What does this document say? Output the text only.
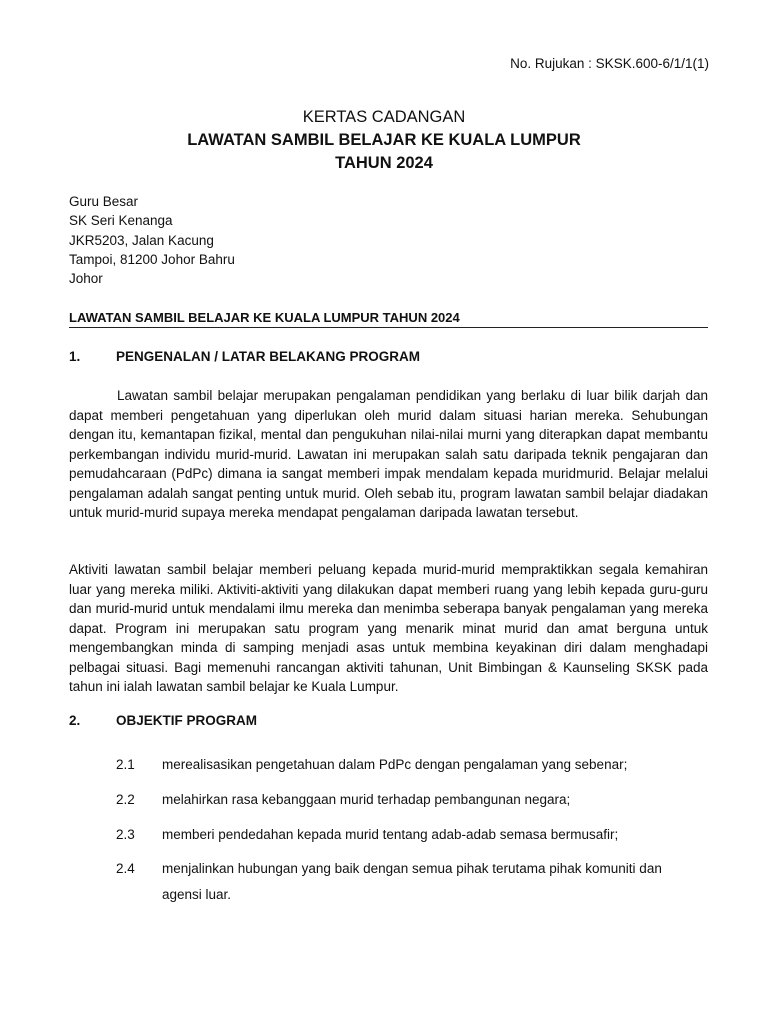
No. Rujukan : SKSK.600-6/1/1(1)
KERTAS CADANGAN
LAWATAN SAMBIL BELAJAR KE KUALA LUMPUR
TAHUN 2024
Guru Besar
SK Seri Kenanga
JKR5203, Jalan Kacung
Tampoi, 81200 Johor Bahru
Johor
LAWATAN SAMBIL BELAJAR KE KUALA LUMPUR TAHUN 2024
1.	PENGENALAN / LATAR BELAKANG PROGRAM

Lawatan sambil belajar merupakan pengalaman pendidikan yang berlaku di luar bilik darjah dan dapat memberi pengetahuan yang diperlukan oleh murid dalam situasi harian mereka. Sehubungan dengan itu, kemantapan fizikal, mental dan pengukuhan nilai-nilai murni yang diterapkan dapat membantu perkembangan individu murid-murid. Lawatan ini merupakan salah satu daripada teknik pengajaran dan pemudahcaraan (PdPc) dimana ia sangat memberi impak mendalam kepada muridmurid. Belajar melalui pengalaman adalah sangat penting untuk murid. Oleh sebab itu, program lawatan sambil belajar diadakan untuk murid-murid supaya mereka mendapat pengalaman daripada lawatan tersebut.

Aktiviti lawatan sambil belajar memberi peluang kepada murid-murid mempraktikkan segala kemahiran luar yang mereka miliki. Aktiviti-aktiviti yang dilakukan dapat memberi ruang yang lebih kepada guru-guru dan murid-murid untuk mendalami ilmu mereka dan menimba seberapa banyak pengalaman yang mereka dapat. Program ini merupakan satu program yang menarik minat murid dan amat berguna untuk mengembangkan minda di samping menjadi asas untuk membina keyakinan diri dalam menghadapi pelbagai situasi. Bagi memenuhi rancangan aktiviti tahunan, Unit Bimbingan & Kaunseling SKSK pada tahun ini ialah lawatan sambil belajar ke Kuala Lumpur.

2.	OBJEKTIF PROGRAM
2.1 merealisasikan pengetahuan dalam PdPc dengan pengalaman yang sebenar;
2.2 melahirkan rasa kebanggaan murid terhadap pembangunan negara;
2.3 memberi pendedahan kepada murid tentang adab-adab semasa bermusafir;
2.4 menjalinkan hubungan yang baik dengan semua pihak terutama pihak komuniti dan agensi luar.
